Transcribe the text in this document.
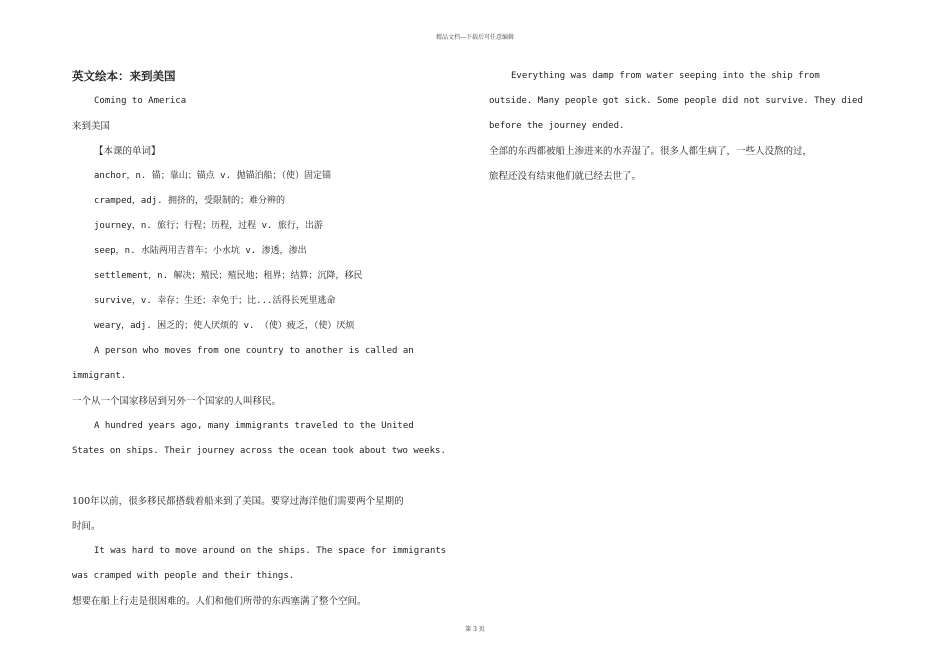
精品文档---下载后可任意编辑
英文绘本：来到美国
Coming to America
来到美国
【本课的单词】
anchor，n. 锚；靠山；锚点 v. 抛锚泊船；（使）固定锚
cramped，adj. 拥挤的，受限制的；难分辨的
journey，n. 旅行；行程；历程，过程 v. 旅行，出游
seep，n. 水陆两用吉普车；小水坑 v. 渗透，渗出
settlement，n. 解决；殖民；殖民地；租界；结算；沉降，移民
survive，v. 幸存；生还；幸免于；比...活得长死里逃命
weary，adj. 困乏的；使人厌烦的 v. （使）疲乏，（使）厌烦
A person who moves from one country to another is called an
immigrant.
一个从一个国家移居到另外一个国家的人叫移民。
A hundred years ago, many immigrants traveled to the United
States on ships. Their journey across the ocean took about two weeks.
100年以前，很多移民都搭载着船来到了美国。要穿过海洋他们需要两个星期的
时间。
It was hard to move around on the ships. The space for immigrants
was cramped with people and their things.
想要在船上行走是很困难的。人们和他们所带的东西塞满了整个空间。
Everything was damp from water seeping into the ship from
outside. Many people got sick. Some people did not survive. They died
before the journey ended.
全部的东西都被船上渗进来的水弄湿了。很多人都生病了，一些人没熬的过，
旅程还没有结束他们就已经去世了。
第 3 页
